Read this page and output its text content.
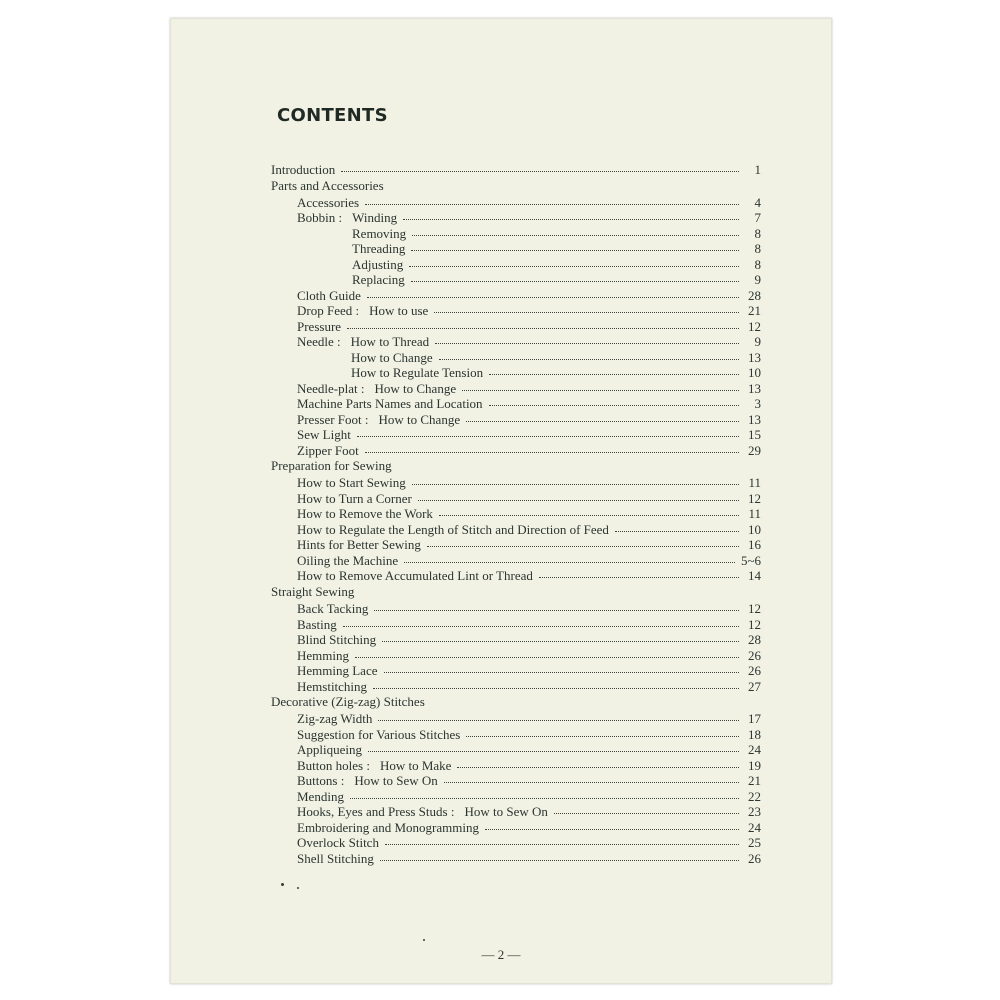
CONTENTS
Introduction	1
Parts and Accessories
Accessories	4
Bobbin : Winding	7
Removing	8
Threading	8
Adjusting	8
Replacing	9
Cloth Guide	28
Drop Feed : How to use	21
Pressure	12
Needle : How to Thread	9
How to Change	13
How to Regulate Tension	10
Needle-plat : How to Change	13
Machine Parts Names and Location	3
Presser Foot : How to Change	13
Sew Light	15
Zipper Foot	29
Preparation for Sewing
How to Start Sewing	11
How to Turn a Corner	12
How to Remove the Work	11
How to Regulate the Length of Stitch and Direction of Feed	10
Hints for Better Sewing	16
Oiling the Machine	5~6
How to Remove Accumulated Lint or Thread	14
Straight Sewing
Back Tacking	12
Basting	12
Blind Stitching	28
Hemming	26
Hemming Lace	26
Hemstitching	27
Decorative (Zig-zag) Stitches
Zig-zag Width	17
Suggestion for Various Stitches	18
Appliqueing	24
Button holes : How to Make	19
Buttons : How to Sew On	21
Mending	22
Hooks, Eyes and Press Studs : How to Sew On	23
Embroidering and Monogramming	24
Overlock Stitch	25
Shell Stitching	26
— 2 —
